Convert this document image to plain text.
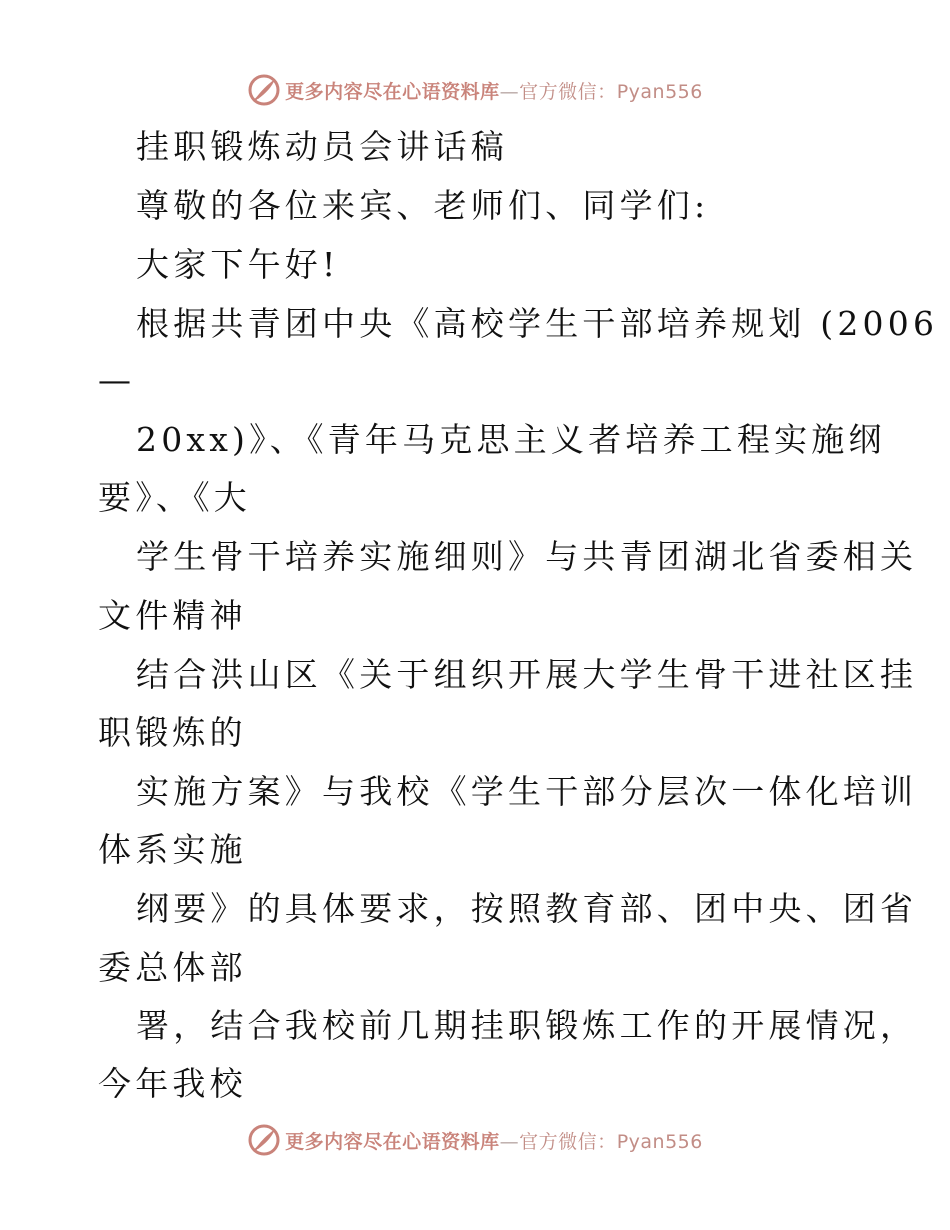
更多内容尽在心语资料库—官方微信：Pyan556
挂职锻炼动员会讲话稿
尊敬的各位来宾、老师们、同学们:
大家下午好!
根据共青团中央《高校学生干部培养规划 (2006
—
20xx)》、《青年马克思主义者培养工程实施纲
要》、《大
学生骨干培养实施细则》与共青团湖北省委相关
文件精神
结合洪山区《关于组织开展大学生骨干进社区挂
职锻炼的
实施方案》与我校《学生干部分层次一体化培训
体系实施
纲要》的具体要求，按照教育部、团中央、团省
委总体部
署，结合我校前几期挂职锻炼工作的开展情况，
今年我校
更多内容尽在心语资料库—官方微信：Pyan556
